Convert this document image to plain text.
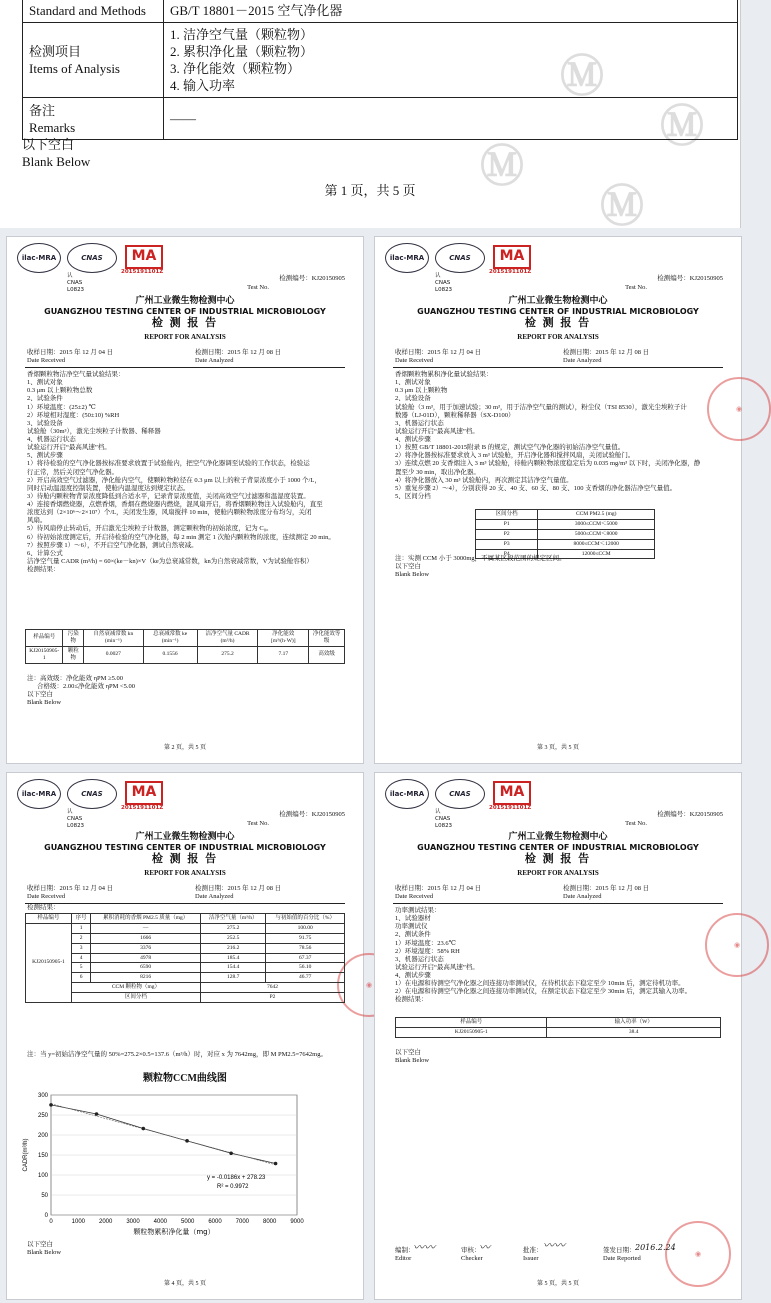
Ⓜ
Ⓜ
Ⓜ
Ⓜ
Standard and Methods	GB/T 18801－2015 空气净化器

检测项目
Items of Analysis	1. 洁净空气量（颗粒物）
2. 累积净化量（颗粒物）
3. 净化能效（颗粒物）
4. 输入功率

备注
Remarks	——
以下空白
Blank Below
第 1 页，共 5 页
ilac-MRA	CNAS MA
认 CNAS L0823
2015191101Z
检测编号：KJ20150905
Test No.
广州工业微生物检测中心
GUANGZHOU TESTING CENTER OF INDUSTRIAL MICROBIOLOGY
检 测 报 告
REPORT FOR ANALYSIS
收样日期：2015 年 12 月 04 日
Date Received
检测日期：2015 年 12 月 08 日
Date Analyzed
香烟颗粒物洁净空气量试验结果：
1、测试对象
0.3 μm 以上颗粒物总数
2、试验条件
1）环境温度：(25±2) ℃
2）环境相对湿度：(50±10) %RH
3、试验设备
试验舱（30m³），激光尘埃粒子计数器、稀释器
4、机器运行状态
试验运行开启“最高风速”档。
5、测试步骤
1）将待检验的空气净化器按标准要求放置于试验舱内，把空气净化器调至试验的工作状态，检验运
行正常，然后关闭空气净化器。
2）开启高效空气过滤器，净化舱内空气，使颗粒物粒径在 0.3 μm 以上的粒子背景浓度小于 1000 个/L，
同时启动温湿度控制装置，使舱内温湿度达到规定状态。
3）待舱内颗粒物背景浓度降低到合适水平，记录背景浓度值，关闭高效空气过滤器和温湿度装置。
4）连接香烟燃烧器，点燃香烟，香烟在燃烧器内燃烧，混风扇开启，将香烟颗粒物注入试验舱内，直至
浓度达到（2×10⁶～2×10⁷）个/L，关闭发生器，风扇搅拌 10 min，使舱内颗粒物浓度分布均匀，关闭
风扇。
5）待风扇停止转动后，开启激光尘埃粒子计数器，测定颗粒物的初始浓度，记为 C₀。
6）待初始浓度测定后，开启待检验的空气净化器，每 2 min 测定 1 次舱内颗粒物的浓度，连续测定 20 min。
7）按照步骤 1）～6），不开启空气净化器，测试自然衰减。
6、计算公式
洁净空气量 CADR (m³/h) = 60×(ke－kn)×V（ke为总衰减常数，kn为自然衰减常数，V为试验舱容积）
检测结果：
样品编号	污染物	自然衰减常数 kn (min⁻¹)	总衰减常数 ke (min⁻¹)	洁净空气量 CADR (m³/h)	净化能效 [m³/(h·W)]	净化能效等级
KJ20150905-1	颗粒物	0.0027	0.1556	275.2	7.17	高效级
注：高效级：净化能效 ηPM ≥5.00
合格级：2.00≤净化能效 ηPM <5.00
以下空白
Blank Below
第 2 页，共 5 页
ilac-MRA	CNAS MA
认 CNAS L0823
2015191101Z
◉
检测编号：KJ20150905
Test No.
广州工业微生物检测中心
GUANGZHOU TESTING CENTER OF INDUSTRIAL MICROBIOLOGY
检 测 报 告
REPORT FOR ANALYSIS
收样日期：2015 年 12 月 04 日
Date Received
检测日期：2015 年 12 月 08 日
Date Analyzed
香烟颗粒物累积净化量试验结果：
1、测试对象
0.3 μm 以上颗粒物
2、试验设备
试验舱（3 m³，用于加速试验；30 m³，用于洁净空气量的测试），粉尘仪（TSI 8530），激光尘埃粒子计
数器（LJ-01D），颗粒稀释器（SX-D100）
3、机器运行状态
试验运行开启“最高风速”档。
4、测试步骤
1）按照 GB/T 18801-2015附录 B 的规定，测试空气净化器的初始洁净空气量值。
2）将净化器按标准要求放入 3 m³ 试验舱，开启净化器和搅拌风扇，关闭试验舱门。
3）连续点燃 20 支香烟注入 3 m³ 试验舱，待舱内颗粒物浓度稳定后为 0.035 mg/m³ 以下时，关闭净化器，静
置至少 30 min，取出净化器。
4）将净化器放入 30 m³ 试验舱内，再次测定其洁净空气量值。
5）重复步骤 2）～4），分别获得 20 支、40 支、60 支、80 支、100 支香烟的净化器洁净空气量值。
5、区间分档
区间分档	CCM PM2.5 (mg)
P1	3000≤CCM＜5000
P2	5000≤CCM＜8000
P3	8000≤CCM＜12000
P4	12000≤CCM
注：实测 CCM 小于 3000mg，不属某区段范围的规定区间。
以下空白
Blank Below
第 3 页，共 5 页
ilac-MRA	CNAS MA
认 CNAS L0823
2015191101Z
◉
检测编号：KJ20150905
Test No.
广州工业微生物检测中心
GUANGZHOU TESTING CENTER OF INDUSTRIAL MICROBIOLOGY
检 测 报 告
REPORT FOR ANALYSIS
收样日期：2015 年 12 月 04 日
Date Received
检测日期：2015 年 12 月 08 日
Date Analyzed
检测结果：
样品编号	序号	累积消耗的香烟 PM2.5 质量（mg）	洁净空气量（m³/h）	与初始值的百分比（%）
KJ20150905-1	1	—	275.2	100.00
	2	1666	252.5	91.75
	3	3376	216.2	78.56
	4	4978	185.4	67.37
	5	6590	154.4	56.10
	6	8216	128.7	46.77
	CCM 颗粒物（mg）		7642	
	区间分档		P2	
注：当 y=初始洁净空气量的 50%=275.2×0.5=137.6（m³/h）时，对应 x 为 7642mg，即 M PM2.5=7642mg。
颗粒物CCM曲线图
0
50
100
150
200
250
300
0	1000 2000 3000 4000 5000 6000 7000 8000 9000
y = -0.0186x + 278.23
R² = 0.9972
颗粒物累积净化量（mg）
CADR(m³/h)
以下空白
Blank Below
第 4 页，共 5 页
ilac-MRA	CNAS MA
认 CNAS L0823
2015191101Z
◉
◉
检测编号：KJ20150905
Test No.
广州工业微生物检测中心
GUANGZHOU TESTING CENTER OF INDUSTRIAL MICROBIOLOGY
检 测 报 告
REPORT FOR ANALYSIS
收样日期：2015 年 12 月 04 日
Date Received
检测日期：2015 年 12 月 08 日
Date Analyzed
功率测试结果：
1、试验器材
功率测试仪
2、测试条件
1）环境温度：23.6℃
2）环境湿度：58% RH
3、机器运行状态
试验运行开启“最高风速”档。
4、测试步骤
1）在电源和待测空气净化器之间连接功率测试仪，在待机状态下稳定至少 10min 后，测定待机功率。
2）在电源和待测空气净化器之间连接功率测试仪，在额定状态下稳定至少 30min 后，测定其输入功率。
检测结果：
样品编号	输入功率（W）
KJ20150905-1	38.4
以下空白
Blank Below
编制：
Editor
〰〰	审核：
Checker
〰	批准：
Issuer
〰〰	签发日期：
Date Reported
2016.2.24
第 5 页，共 5 页
